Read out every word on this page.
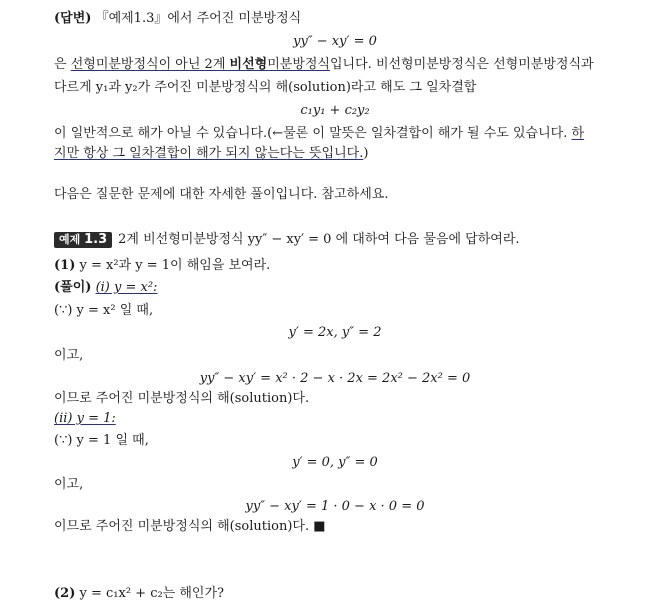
(답변) 『예제1.3』에서 주어진 미분방정식
yy″ − xy′ = 0
은 선형미분방정식이 아닌 2계 비선형미분방정식입니다. 비선형미분방정식은 선형미분방정식과
다르게 y₁과 y₂가 주어진 미분방정식의 해(solution)라고 해도 그 일차결합
c₁y₁ + c₂y₂
이 일반적으로 해가 아닐 수 있습니다.(←물론 이 말뜻은 일차결합이 해가 될 수도 있습니다. 하
지만 항상 그 일차결합이 해가 되지 않는다는 뜻입니다.)
다음은 질문한 문제에 대한 자세한 풀이입니다. 참고하세요.
예제 1.3 2계 비선형미분방정식 yy″ − xy′ = 0 에 대하여 다음 물음에 답하여라.
(1) y = x²과 y = 1이 해임을 보여라.
(풀이) (i) y = x²:
(∵) y = x² 일 때,
y′ = 2x, y″ = 2
이고,
yy″ − xy′ = x² · 2 − x · 2x = 2x² − 2x² = 0
이므로 주어진 미분방정식의 해(solution)다.
(ii) y = 1:
(∵) y = 1 일 때,
y′ = 0, y″ = 0
이고,
yy″ − xy′ = 1 · 0 − x · 0 = 0
이므로 주어진 미분방정식의 해(solution)다. ■
(2) y = c₁x² + c₂는 해인가?
